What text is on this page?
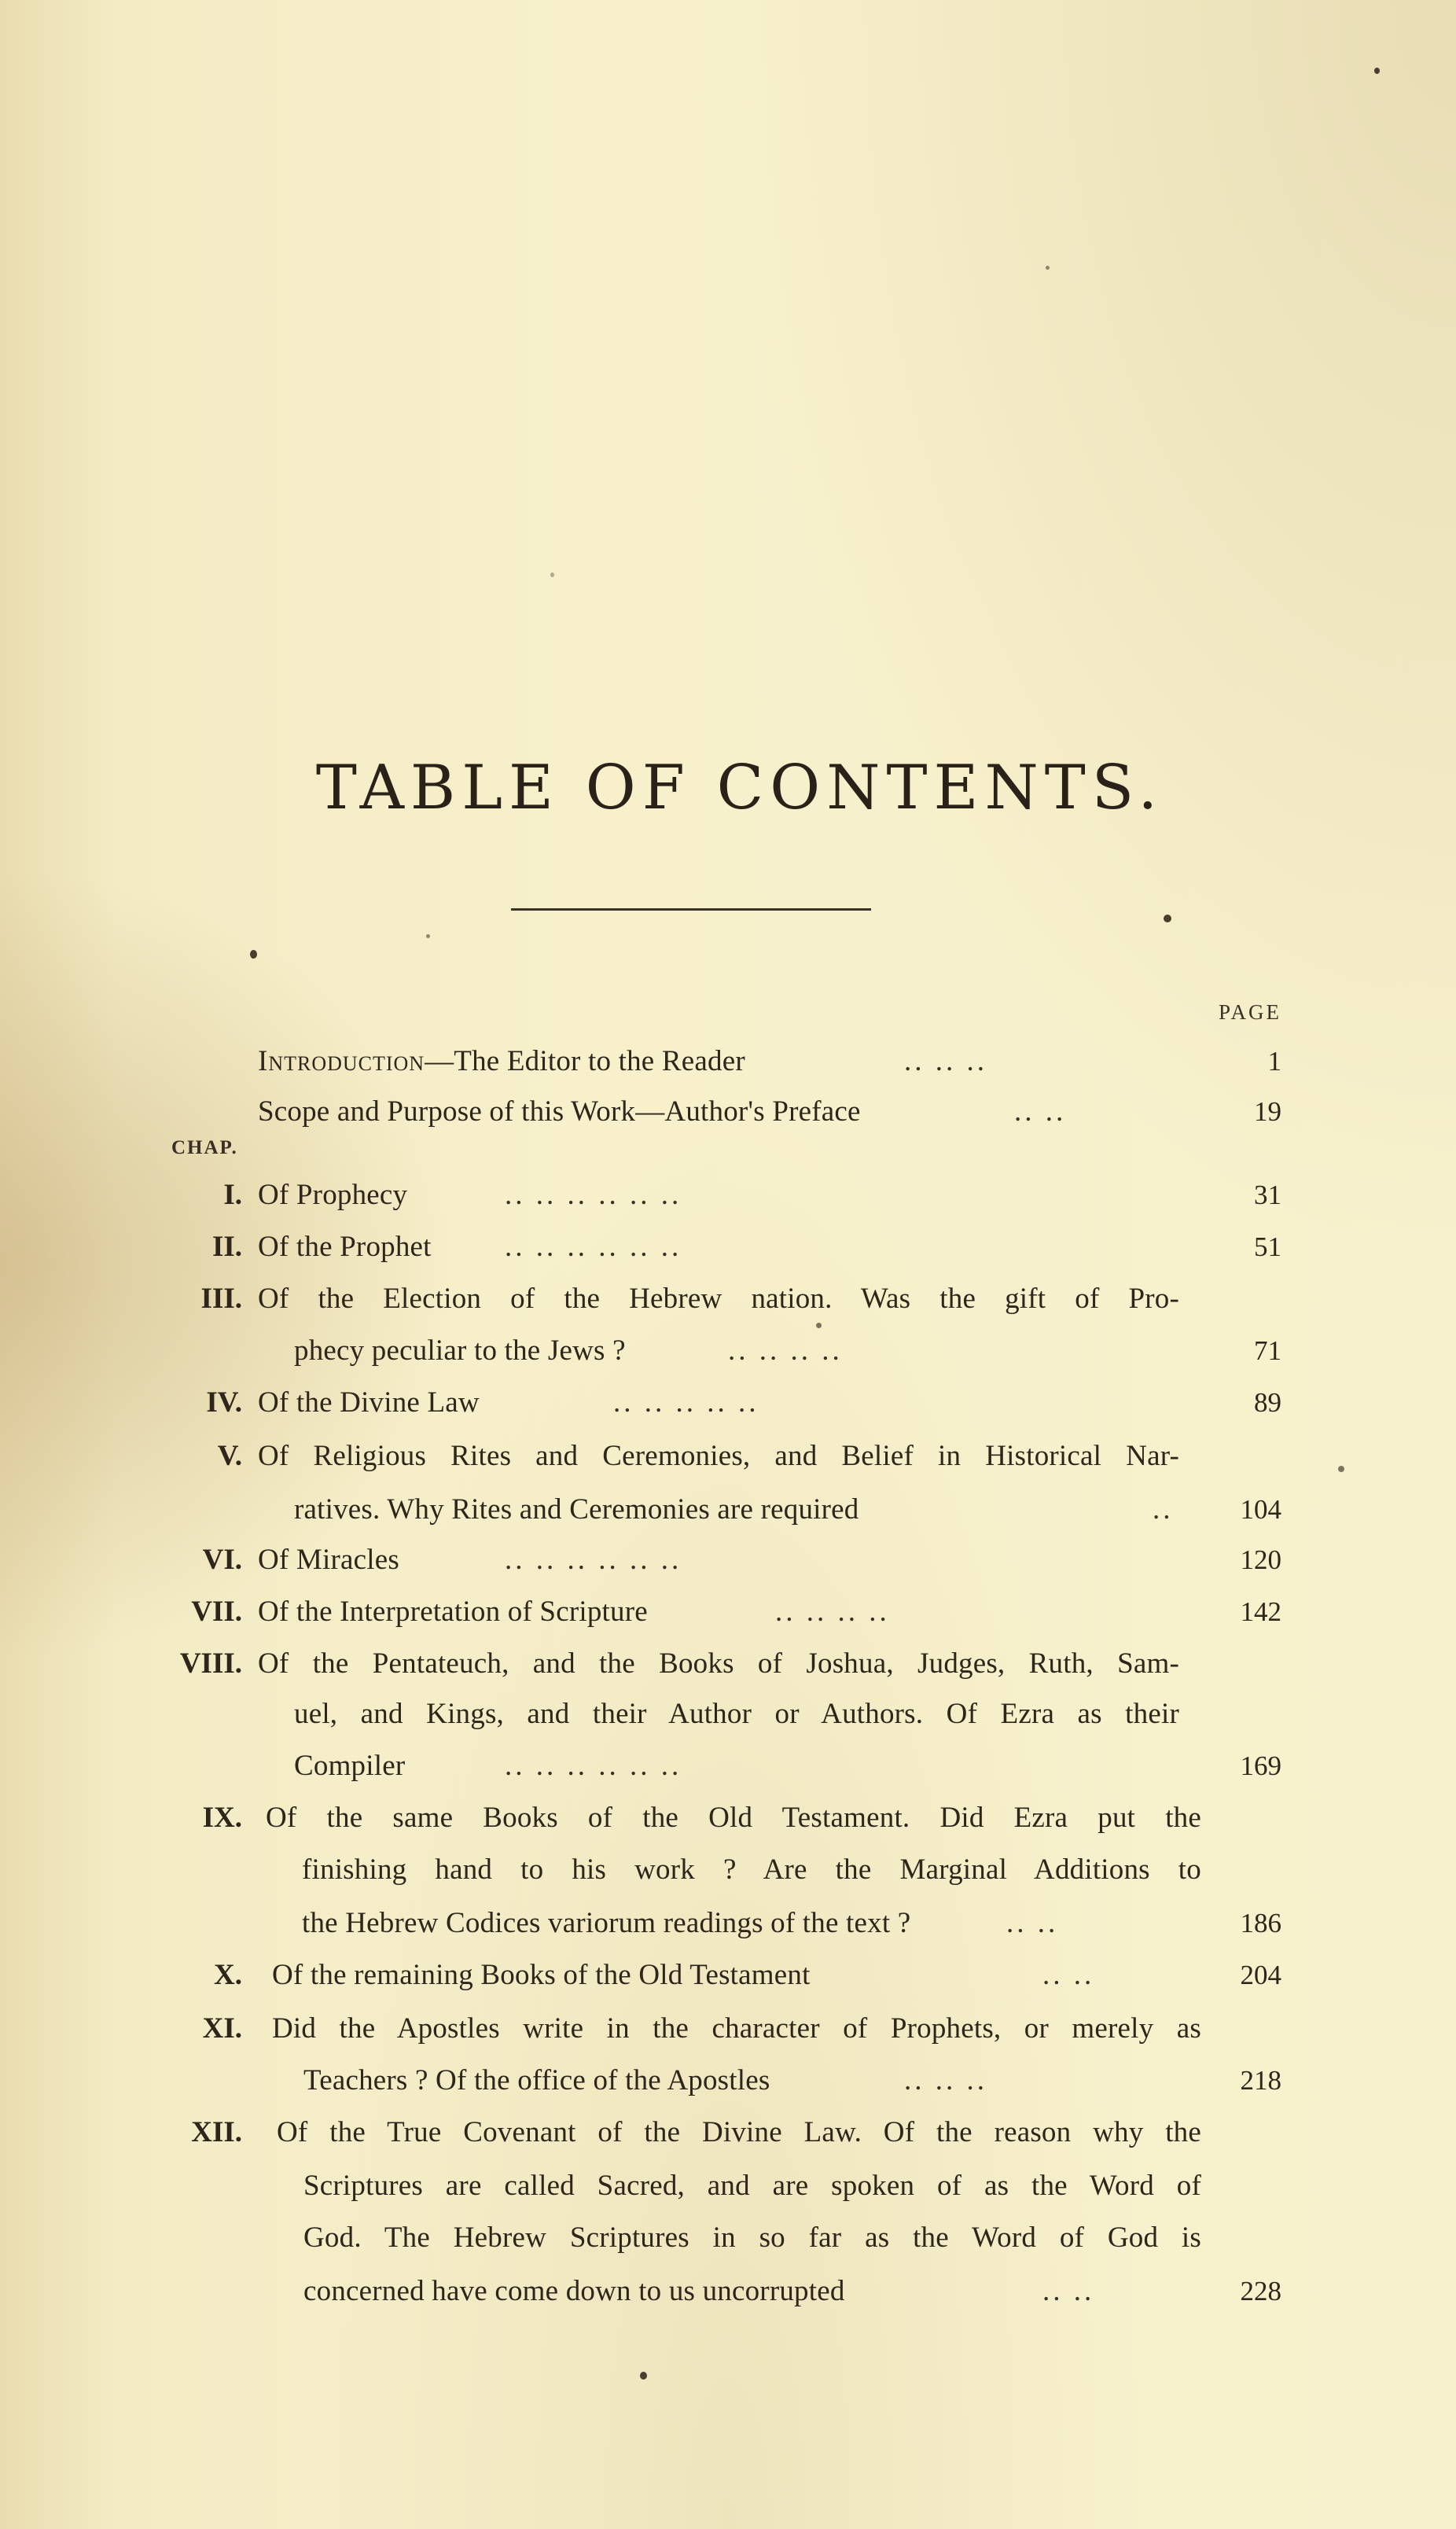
TABLE OF CONTENTS.
PAGE
CHAP.
Introduction—The Editor to the Reader	.. .. ..	1
Scope and Purpose of this Work—Author's Preface	.. ..	19
I. Of Prophecy	.. .. .. .. .. ..	31
II. Of the Prophet	.. .. .. .. .. ..	51
III. Of the Election of the Hebrew nation. Was the gift of Pro-
phecy peculiar to the Jews ?	.. .. .. ..	71
IV. Of the Divine Law	.. .. .. .. ..	89
V. Of Religious Rites and Ceremonies, and Belief in Historical Nar-
ratives. Why Rites and Ceremonies are required	..	104
VI. Of Miracles	.. .. .. .. .. ..	120
VII. Of the Interpretation of Scripture	.. .. .. ..	142
VIII. Of the Pentateuch, and the Books of Joshua, Judges, Ruth, Sam-
uel, and Kings, and their Author or Authors. Of Ezra as their
Compiler	.. .. .. .. .. ..	169
IX. Of the same Books of the Old Testament. Did Ezra put the
finishing hand to his work ? Are the Marginal Additions to
the Hebrew Codices variorum readings of the text ?	.. ..	186
X. Of the remaining Books of the Old Testament	.. ..	204
XI. Did the Apostles write in the character of Prophets, or merely as
Teachers ? Of the office of the Apostles	.. .. ..	218
XII. Of the True Covenant of the Divine Law. Of the reason why the
Scriptures are called Sacred, and are spoken of as the Word of
God. The Hebrew Scriptures in so far as the Word of God is
concerned have come down to us uncorrupted	.. ..	228
